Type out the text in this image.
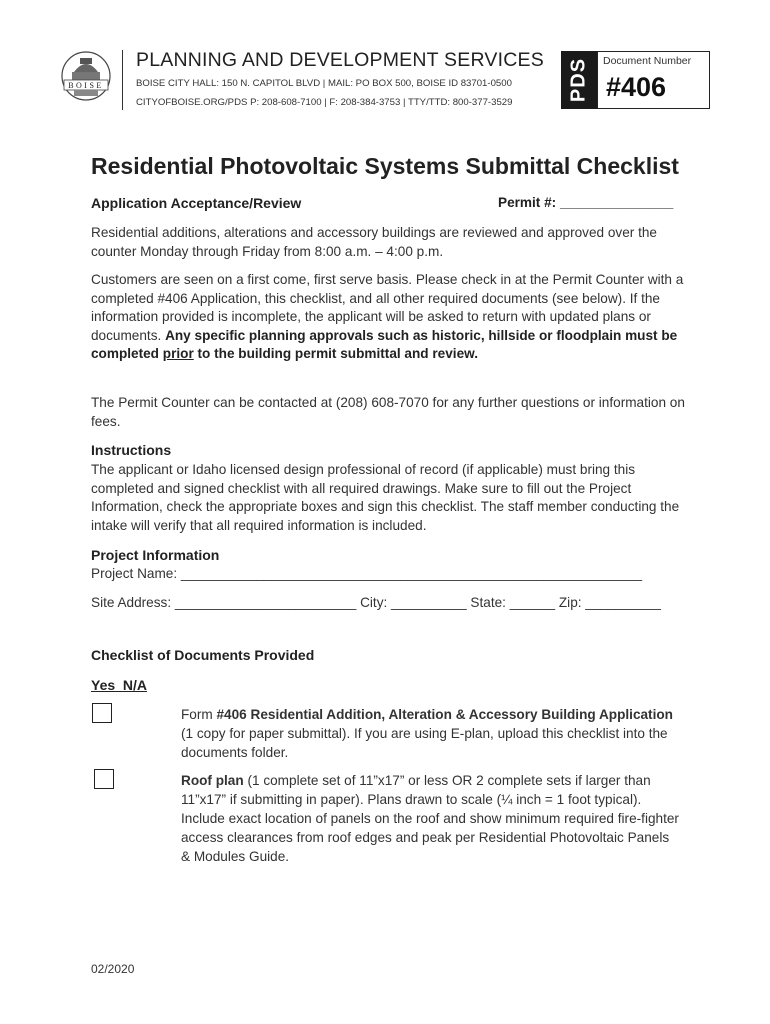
BOISE
PLANNING AND DEVELOPMENT SERVICES
BOISE CITY HALL: 150 N. CAPITOL BLVD | MAIL: PO BOX 500, BOISE ID 83701-0500
CITYOFBOISE.ORG/PDS P: 208-608-7100 | F: 208-384-3753 | TTY/TTD: 800-377-3529
PDS Document Number
#406
Residential Photovoltaic Systems Submittal Checklist
Application Acceptance/Review	Permit #: _______________
Residential additions, alterations and accessory buildings are reviewed and approved over the counter Monday through Friday from 8:00 a.m. – 4:00 p.m.
Customers are seen on a first come, first serve basis. Please check in at the Permit Counter with a completed #406 Application, this checklist, and all other required documents (see below). If the information provided is incomplete, the applicant will be asked to return with updated plans or documents. Any specific planning approvals such as historic, hillside or floodplain must be completed prior to the building permit submittal and review.
The Permit Counter can be contacted at (208) 608-7070 for any further questions or information on fees.
Instructions
The applicant or Idaho licensed design professional of record (if applicable) must bring this completed and signed checklist with all required drawings. Make sure to fill out the Project Information, check the appropriate boxes and sign this checklist. The staff member conducting the intake will verify that all required information is included.
Project Information
Project Name: _____________________________________________________________
Site Address: ________________________ City: __________ State: ______ Zip: __________
Checklist of Documents Provided
Yes  N/A
Form #406 Residential Addition, Alteration & Accessory Building Application (1 copy for paper submittal). If you are using E-plan, upload this checklist into the documents folder.
Roof plan (1 complete set of 11”x17” or less OR 2 complete sets if larger than 11”x17” if submitting in paper). Plans drawn to scale (¼ inch = 1 foot typical). Include exact location of panels on the roof and show minimum required fire-fighter access clearances from roof edges and peak per Residential Photovoltaic Panels & Modules Guide.
02/2020
